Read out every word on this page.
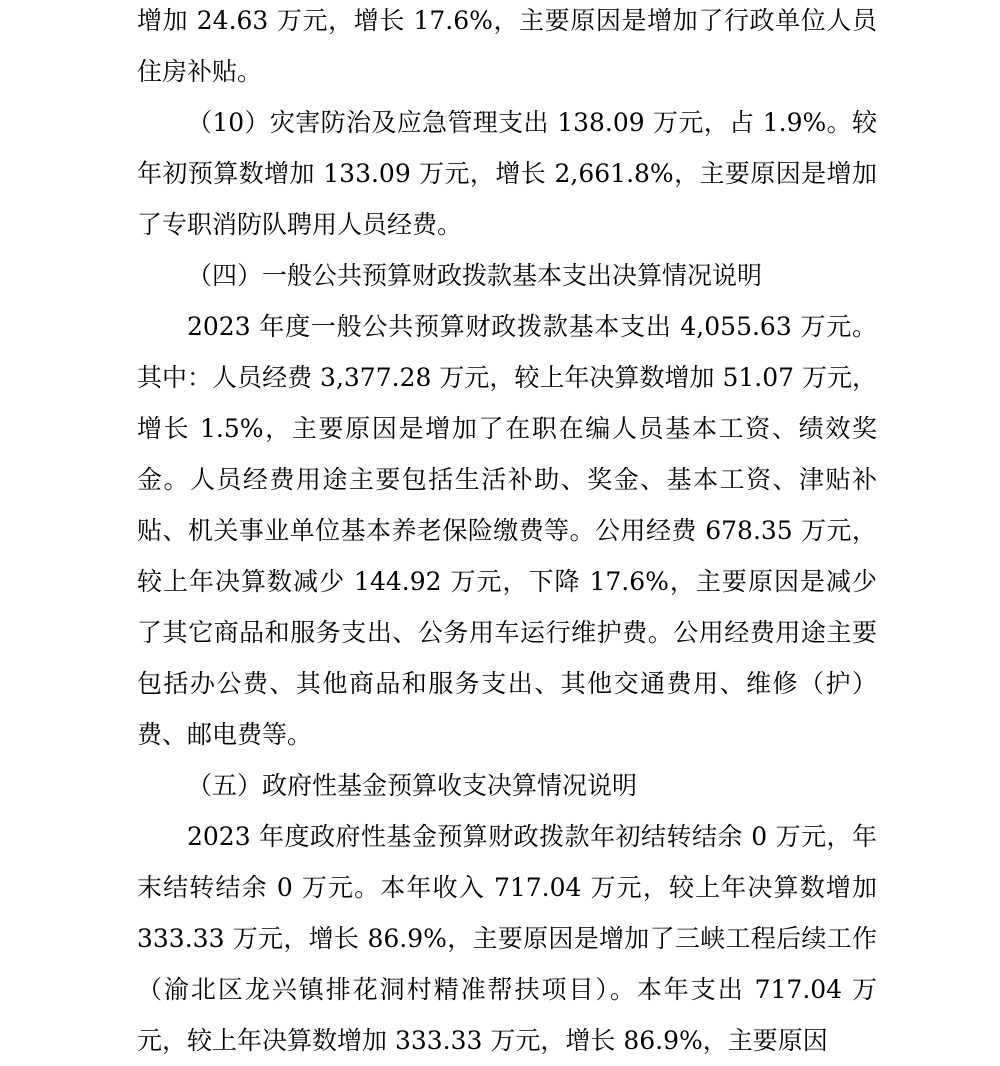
增加 24.63 万元，增长 17.6%，主要原因是增加了行政单位人员住房补贴。

（10）灾害防治及应急管理支出 138.09 万元，占 1.9%。较年初预算数增加 133.09 万元，增长 2,661.8%，主要原因是增加了专职消防队聘用人员经费。

（四）一般公共预算财政拨款基本支出决算情况说明

2023 年度一般公共预算财政拨款基本支出 4,055.63 万元。其中：人员经费 3,377.28 万元，较上年决算数增加 51.07 万元，增长 1.5%，主要原因是增加了在职在编人员基本工资、绩效奖金。人员经费用途主要包括生活补助、奖金、基本工资、津贴补贴、机关事业单位基本养老保险缴费等。公用经费 678.35 万元，较上年决算数减少 144.92 万元，下降 17.6%，主要原因是减少了其它商品和服务支出、公务用车运行维护费。公用经费用途主要包括办公费、其他商品和服务支出、其他交通费用、维修（护）费、邮电费等。

（五）政府性基金预算收支决算情况说明

2023 年度政府性基金预算财政拨款年初结转结余 0 万元，年末结转结余 0 万元。本年收入 717.04 万元，较上年决算数增加 333.33 万元，增长 86.9%，主要原因是增加了三峡工程后续工作（渝北区龙兴镇排花洞村精准帮扶项目）。本年支出 717.04 万元，较上年决算数增加 333.33 万元，增长 86.9%，主要原因
